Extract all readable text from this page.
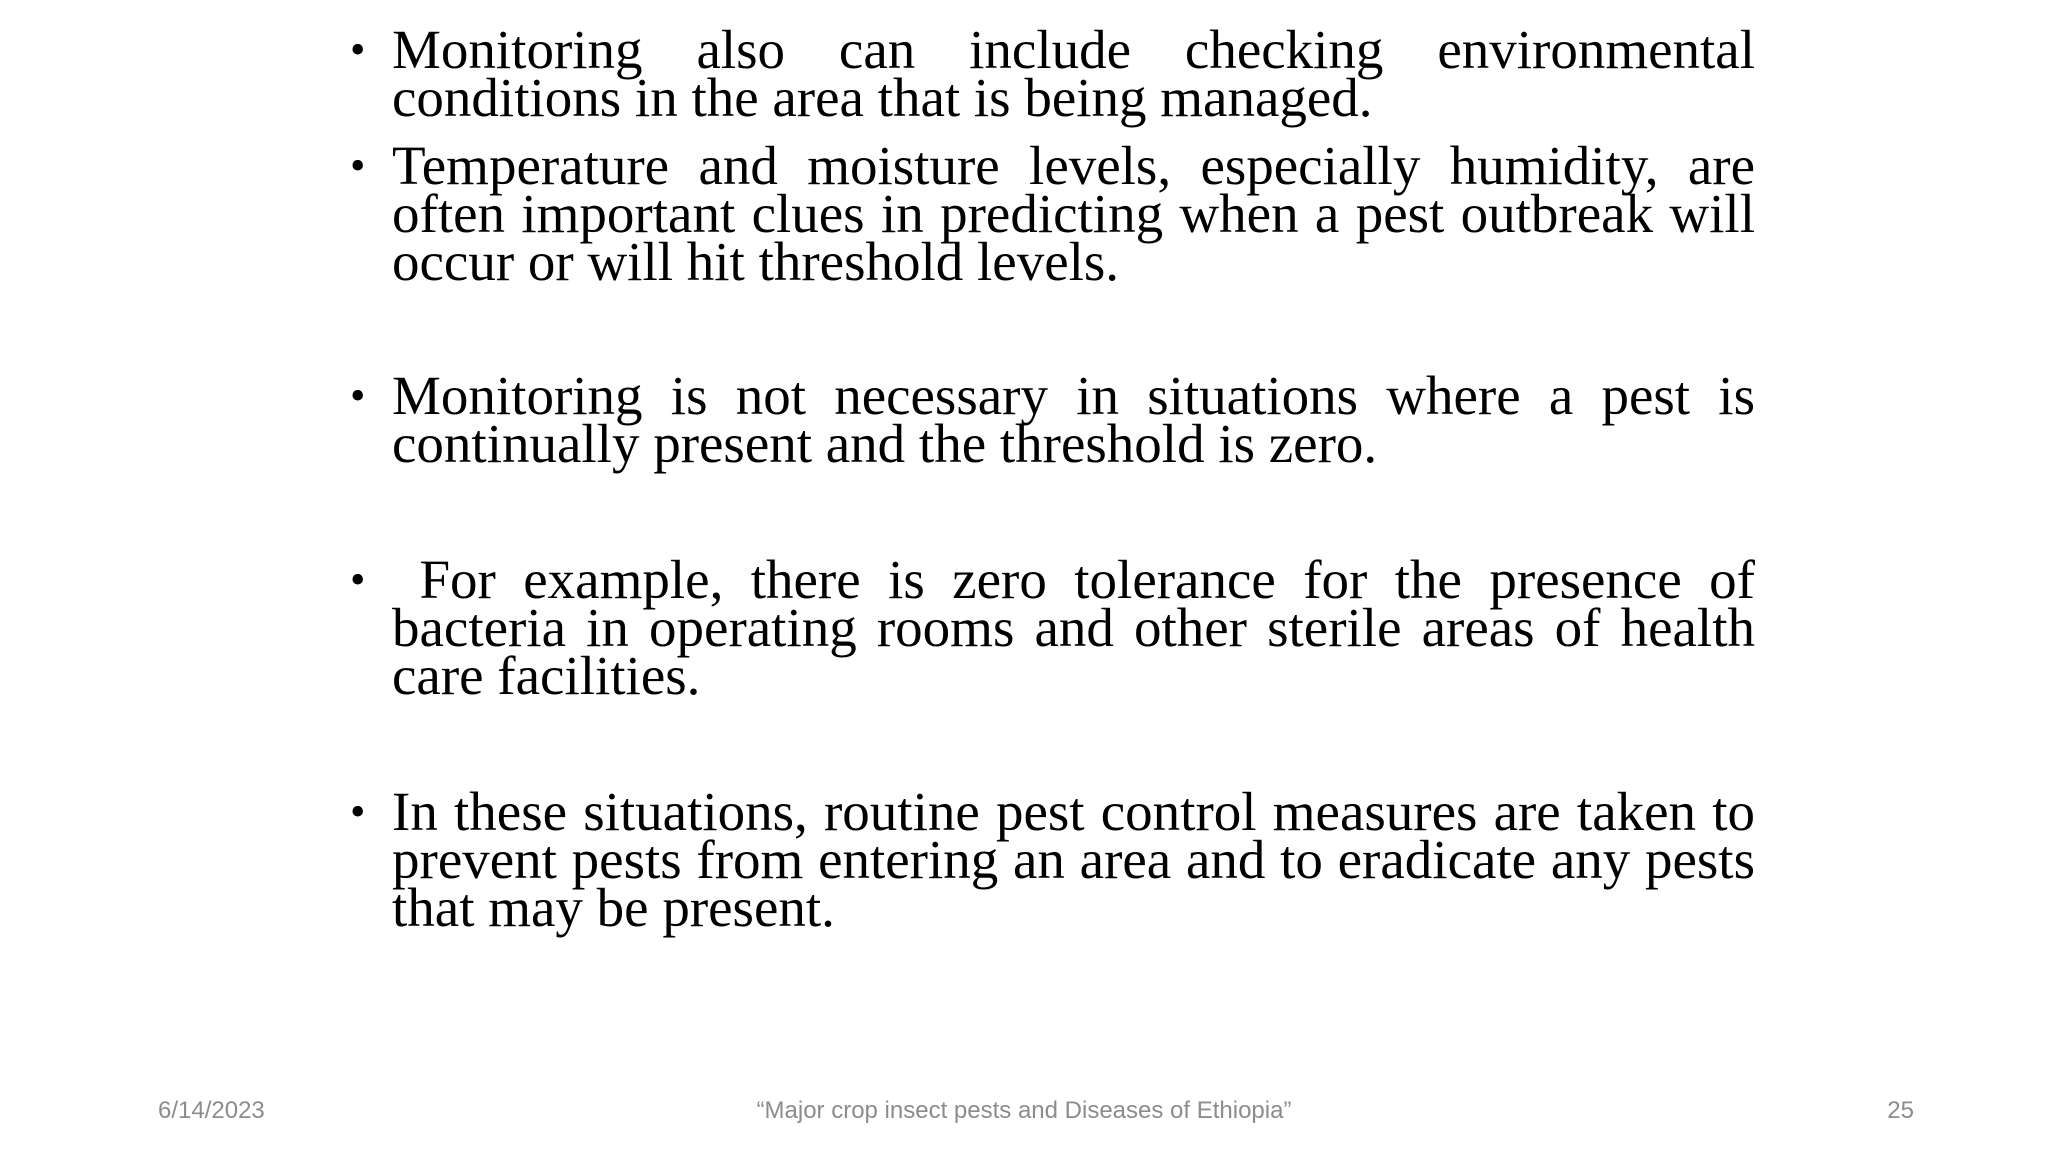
• Monitoring also can include checking environmental conditions in the area that is being managed.
• Temperature and moisture levels, especially humidity, are often important clues in predicting when a pest outbreak will occur or will hit threshold levels.
• Monitoring is not necessary in situations where a pest is continually present and the threshold is zero.
• For example, there is zero tolerance for the presence of bacteria in operating rooms and other sterile areas of health care facilities.
• In these situations, routine pest control measures are taken to prevent pests from entering an area and to eradicate any pests that may be present.
6/14/2023	“Major crop insect pests and Diseases of Ethiopia”	25
